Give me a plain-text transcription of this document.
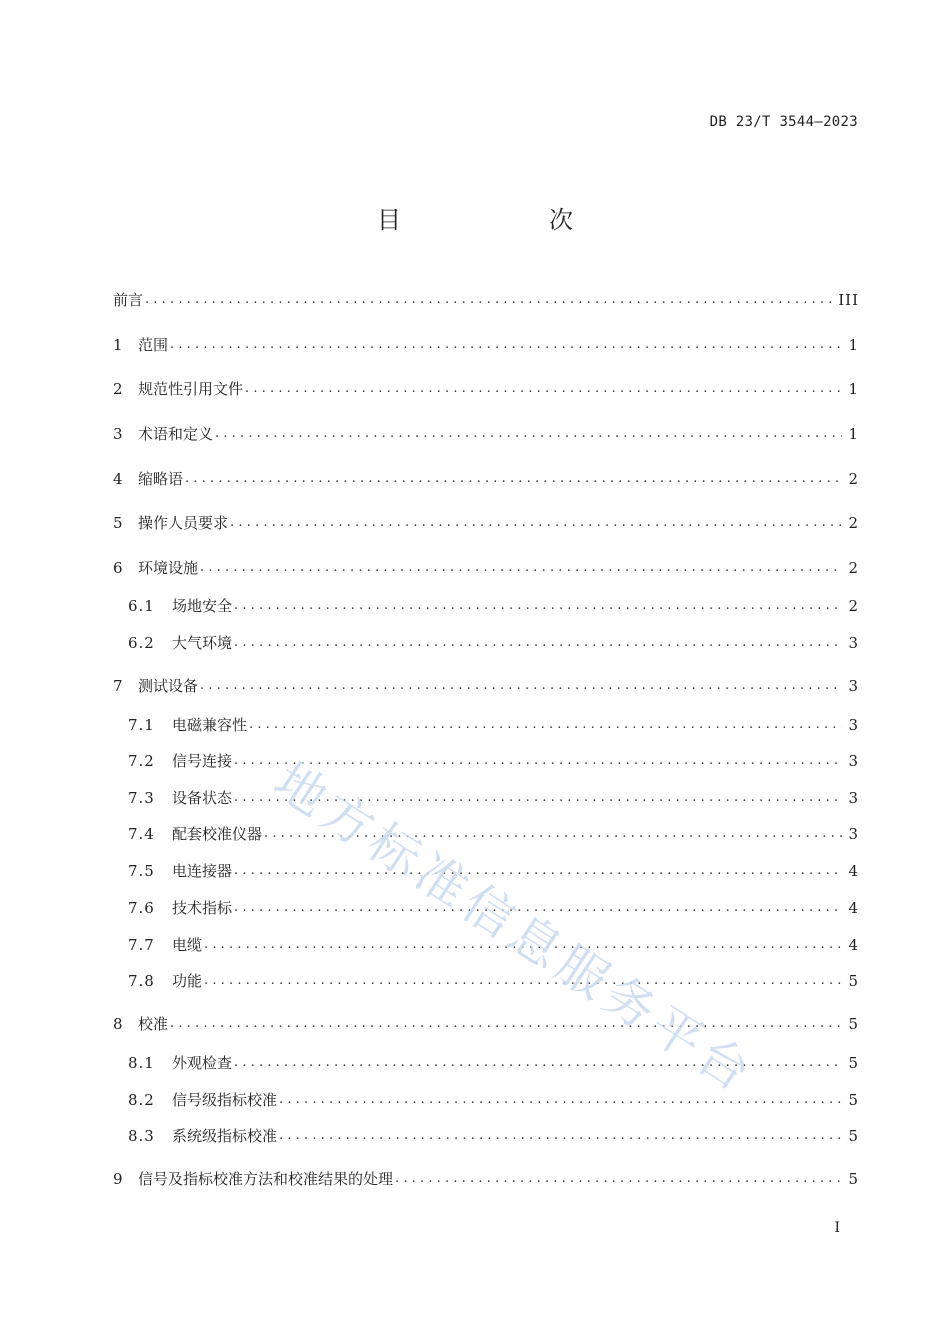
DB 23/T 3544—2023
目　次
前言 .....	III
1	范围 .....	1
2	规范性引用文件 .....	1
3	术语和定义 .....	1
4	缩略语 .....	2
5	操作人员要求 .....	2
6	环境设施 .....	2
6.1	场地安全 .....	2
6.2	大气环境 .....	3
7	测试设备 .....	3
7.1	电磁兼容性 .....	3
7.2	信号连接 .....	3
7.3	设备状态 .....	3
7.4	配套校准仪器 .....	3
7.5	电连接器 .....	4
7.6	技术指标 .....	4
7.7	电缆 .....	4
7.8	功能 .....	5
8	校准 .....	5
8.1	外观检查 .....	5
8.2	信号级指标校准 .....	5
8.3	系统级指标校准 .....	5
9	信号及指标校准方法和校准结果的处理 .....	5
I
地方标准信息服务平台
